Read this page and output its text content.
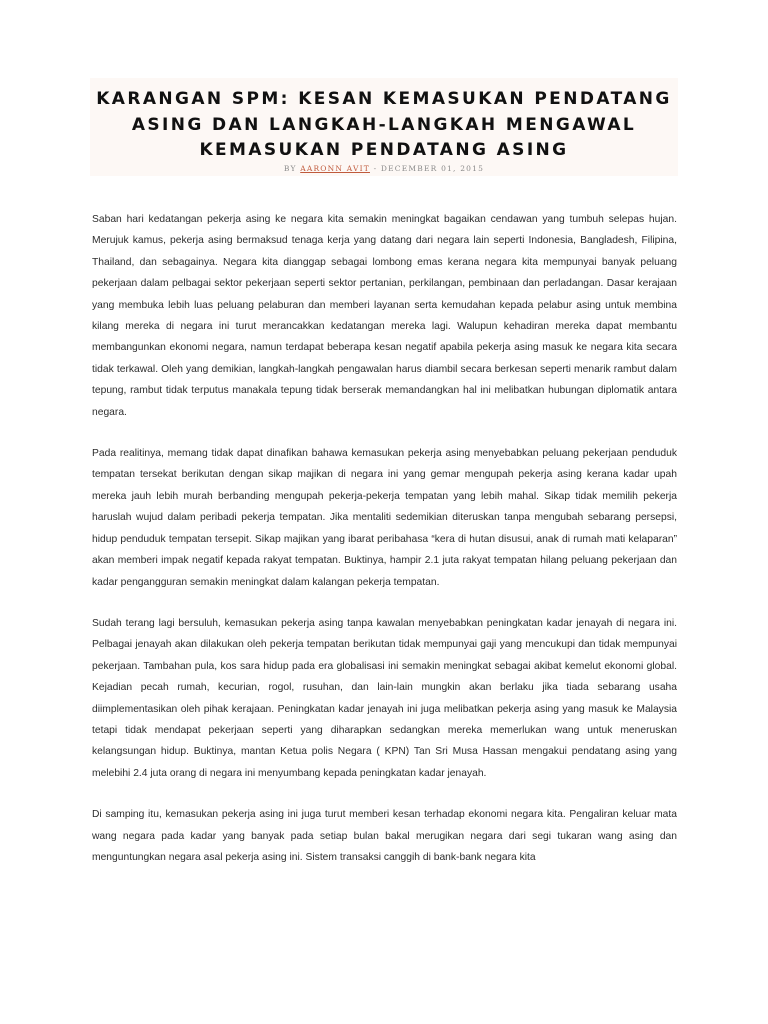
KARANGAN SPM: KESAN KEMASUKAN PENDATANG ASING DAN LANGKAH-LANGKAH MENGAWAL KEMASUKAN PENDATANG ASING
BY AARONN AVIT - DECEMBER 01, 2015

Saban hari kedatangan pekerja asing ke negara kita semakin meningkat bagaikan cendawan yang tumbuh selepas hujan. Merujuk kamus, pekerja asing bermaksud tenaga kerja yang datang dari negara lain seperti Indonesia, Bangladesh, Filipina, Thailand, dan sebagainya. Negara kita dianggap sebagai lombong emas kerana negara kita mempunyai banyak peluang pekerjaan dalam pelbagai sektor pekerjaan seperti sektor pertanian, perkilangan, pembinaan dan perladangan. Dasar kerajaan yang membuka lebih luas peluang pelaburan dan memberi layanan serta kemudahan kepada pelabur asing untuk membina kilang mereka di negara ini turut merancakkan kedatangan mereka lagi. Walupun kehadiran mereka dapat membantu membangunkan ekonomi negara, namun terdapat beberapa kesan negatif apabila pekerja asing masuk ke negara kita secara tidak terkawal. Oleh yang demikian, langkah-langkah pengawalan harus diambil secara berkesan seperti menarik rambut dalam tepung, rambut tidak terputus manakala tepung tidak berserak memandangkan hal ini melibatkan hubungan diplomatik antara negara.

Pada realitinya, memang tidak dapat dinafikan bahawa kemasukan pekerja asing menyebabkan peluang pekerjaan penduduk tempatan tersekat berikutan dengan sikap majikan di negara ini yang gemar mengupah pekerja asing kerana kadar upah mereka jauh lebih murah berbanding mengupah pekerja-pekerja tempatan yang lebih mahal. Sikap tidak memilih pekerja haruslah wujud dalam peribadi pekerja tempatan. Jika mentaliti sedemikian diteruskan tanpa mengubah sebarang persepsi, hidup penduduk tempatan tersepit. Sikap majikan yang ibarat peribahasa “kera di hutan disusui, anak di rumah mati kelaparan” akan memberi impak negatif kepada rakyat tempatan. Buktinya, hampir 2.1 juta rakyat tempatan hilang peluang pekerjaan dan kadar pengangguran semakin meningkat dalam kalangan pekerja tempatan.

Sudah terang lagi bersuluh, kemasukan pekerja asing tanpa kawalan menyebabkan peningkatan kadar jenayah di negara ini. Pelbagai jenayah akan dilakukan oleh pekerja tempatan berikutan tidak mempunyai gaji yang mencukupi dan tidak mempunyai pekerjaan. Tambahan pula, kos sara hidup pada era globalisasi ini semakin meningkat sebagai akibat kemelut ekonomi global. Kejadian pecah rumah, kecurian, rogol, rusuhan, dan lain-lain mungkin akan berlaku jika tiada sebarang usaha diimplementasikan oleh pihak kerajaan. Peningkatan kadar jenayah ini juga melibatkan pekerja asing yang masuk ke Malaysia tetapi tidak mendapat pekerjaan seperti yang diharapkan sedangkan mereka memerlukan wang untuk meneruskan kelangsungan hidup. Buktinya, mantan Ketua polis Negara ( KPN) Tan Sri Musa Hassan mengakui pendatang asing yang melebihi 2.4 juta orang di negara ini menyumbang kepada peningkatan kadar jenayah.

Di samping itu, kemasukan pekerja asing ini juga turut memberi kesan terhadap ekonomi negara kita. Pengaliran keluar mata wang negara pada kadar yang banyak pada setiap bulan bakal merugikan negara dari segi tukaran wang asing dan menguntungkan negara asal pekerja asing ini. Sistem transaksi canggih di bank-bank negara kita
